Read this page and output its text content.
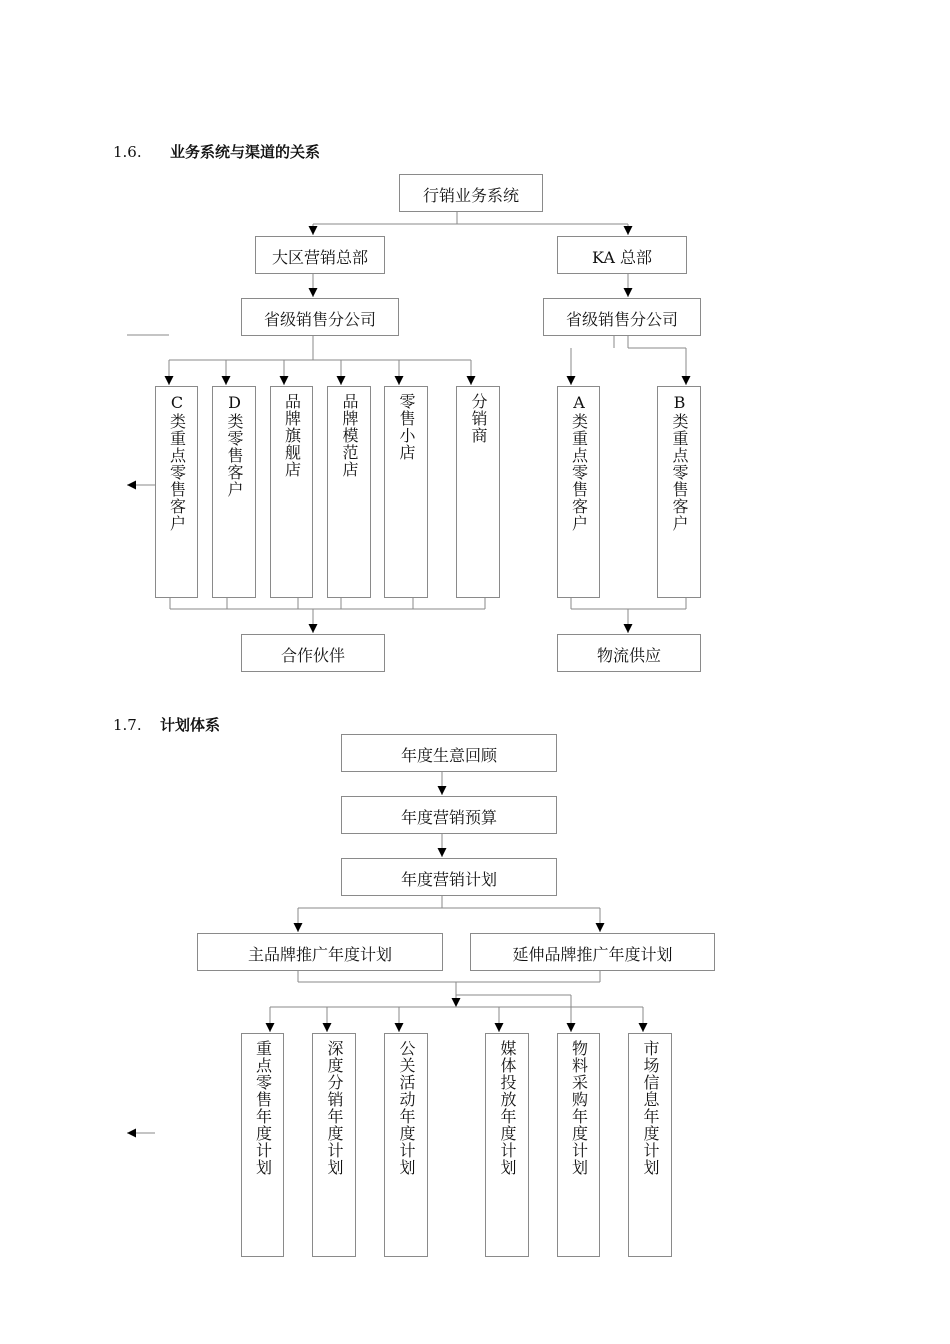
1.6. 业务系统与渠道的关系
行销业务系统
大区营销总部	KA 总部
省级销售分公司	省级销售分公司
C类重点零售客户 D类零售客户 品牌旗舰店 品牌模范店 零售小店	分销商	A类重点零售客户	B类重点零售客户
合作伙伴	物流供应
1.7. 计划体系
年度生意回顾
年度营销预算
年度营销计划
主品牌推广年度计划	延伸品牌推广年度计划
重点零售年度计划	深度分销年度计划	公关活动年度计划	媒体投放年度计划	物料采购年度计划	市场信息年度计划
